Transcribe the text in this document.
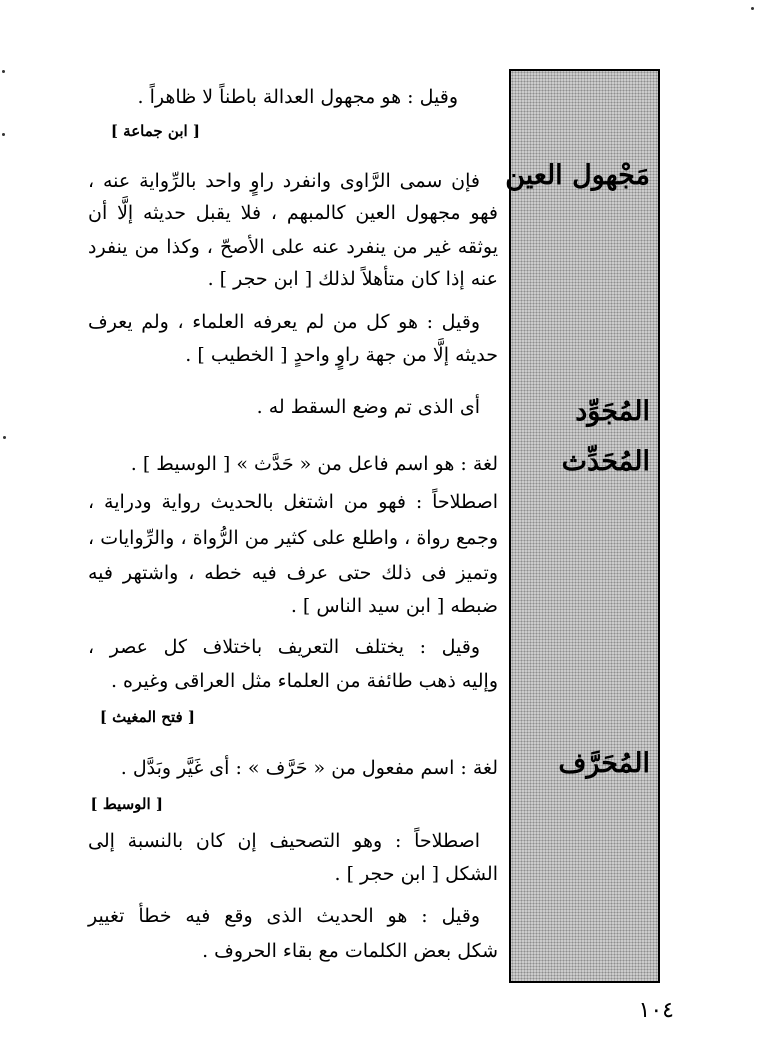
مَجْهول العين
المُجَوِّد
المُحَدِّث
المُحَرَّف
وقيل : هو مجهول العدالة باطناً لا ظاهراً .
[ ابن جماعة ]
فإن سمى الرَّاوى وانفرد راوٍ واحد بالرِّواية عنه ،
فهو مجهول العين كالمبهم ، فلا يقبل حديثه إلَّا أن
يوثقه غير من ينفرد عنه على الأصحّ ، وكذا من ينفرد
عنه إذا كان متأهلاً لذلك [ ابن حجر ] .
وقيل : هو كل من لم يعرفه العلماء ، ولم يعرف
حديثه إلَّا من جهة راوٍ واحدٍ [ الخطيب ] .
أى الذى تم وضع السقط له .
لغة : هو اسم فاعل من « حَدَّث » [ الوسيط ] .
اصطلاحاً : فهو من اشتغل بالحديث رواية ودراية ،
وجمع رواة ، واطلع على كثير من الرُّواة ، والرِّوايات ،
وتميز فى ذلك حتى عرف فيه خطه ، واشتهر فيه
ضبطه [ ابن سيد الناس ] .
وقيل : يختلف التعريف باختلاف كل عصر ،
وإليه ذهب طائفة من العلماء مثل العراقى وغيره .
[ فتح المغيث ]
لغة : اسم مفعول من « حَرَّف » : أى غَيَّر وبَدَّل .
[ الوسيط ]
اصطلاحاً : وهو التصحيف إن كان بالنسبة إلى
الشكل [ ابن حجر ] .
وقيل : هو الحديث الذى وقع فيه خطأ تغيير
شكل بعض الكلمات مع بقاء الحروف .
١٠٤
